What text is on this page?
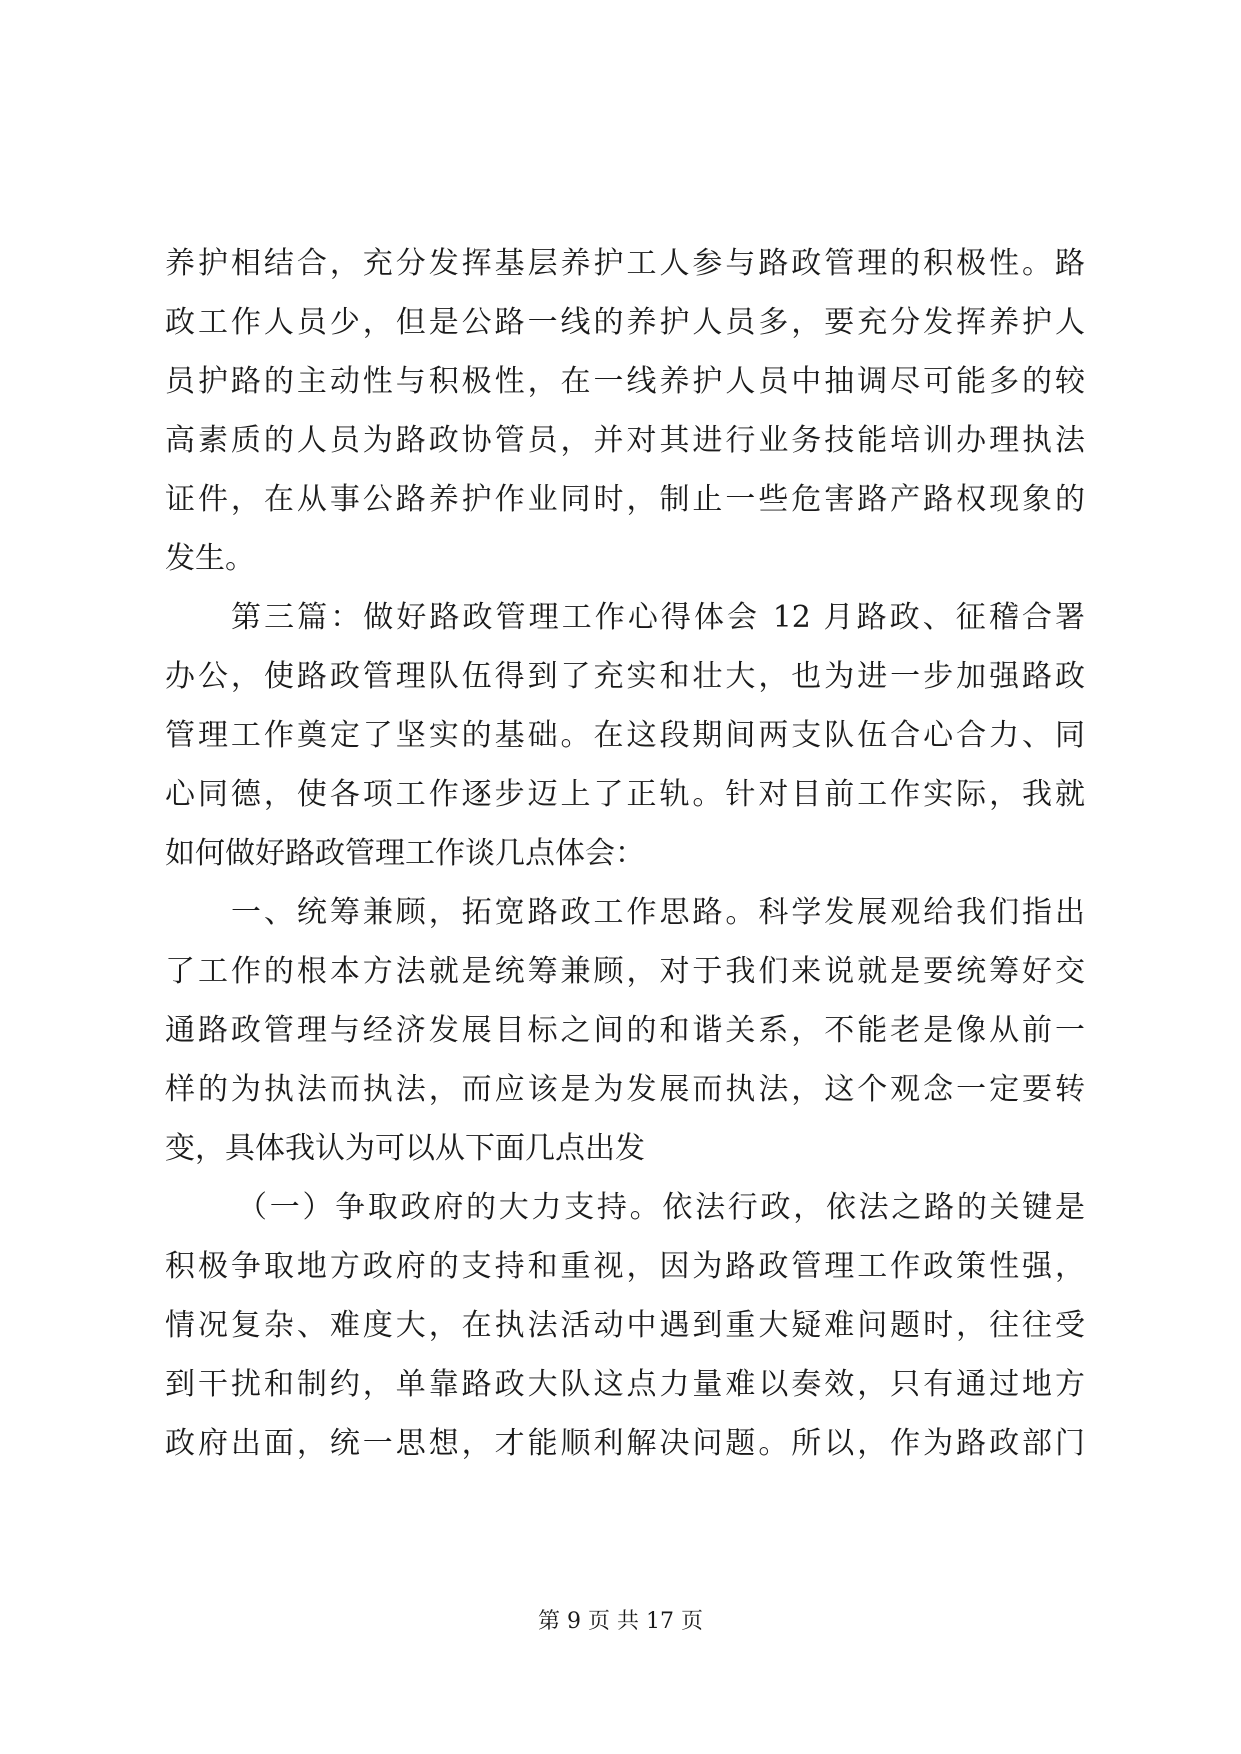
养护相结合，充分发挥基层养护工人参与路政管理的积极性。路
政工作人员少，但是公路一线的养护人员多，要充分发挥养护人
员护路的主动性与积极性，在一线养护人员中抽调尽可能多的较
高素质的人员为路政协管员，并对其进行业务技能培训办理执法
证件，在从事公路养护作业同时，制止一些危害路产路权现象的
发生。
第三篇：做好路政管理工作心得体会 12 月路政、征稽合署
办公，使路政管理队伍得到了充实和壮大，也为进一步加强路政
管理工作奠定了坚实的基础。在这段期间两支队伍合心合力、同
心同德，使各项工作逐步迈上了正轨。针对目前工作实际，我就
如何做好路政管理工作谈几点体会：
一、统筹兼顾，拓宽路政工作思路。科学发展观给我们指出
了工作的根本方法就是统筹兼顾，对于我们来说就是要统筹好交
通路政管理与经济发展目标之间的和谐关系，不能老是像从前一
样的为执法而执法，而应该是为发展而执法，这个观念一定要转
变，具体我认为可以从下面几点出发
（一）争取政府的大力支持。依法行政，依法之路的关键是
积极争取地方政府的支持和重视，因为路政管理工作政策性强，
情况复杂、难度大，在执法活动中遇到重大疑难问题时，往往受
到干扰和制约，单靠路政大队这点力量难以奏效，只有通过地方
政府出面，统一思想，才能顺利解决问题。所以，作为路政部门
第 9 页 共 17 页
